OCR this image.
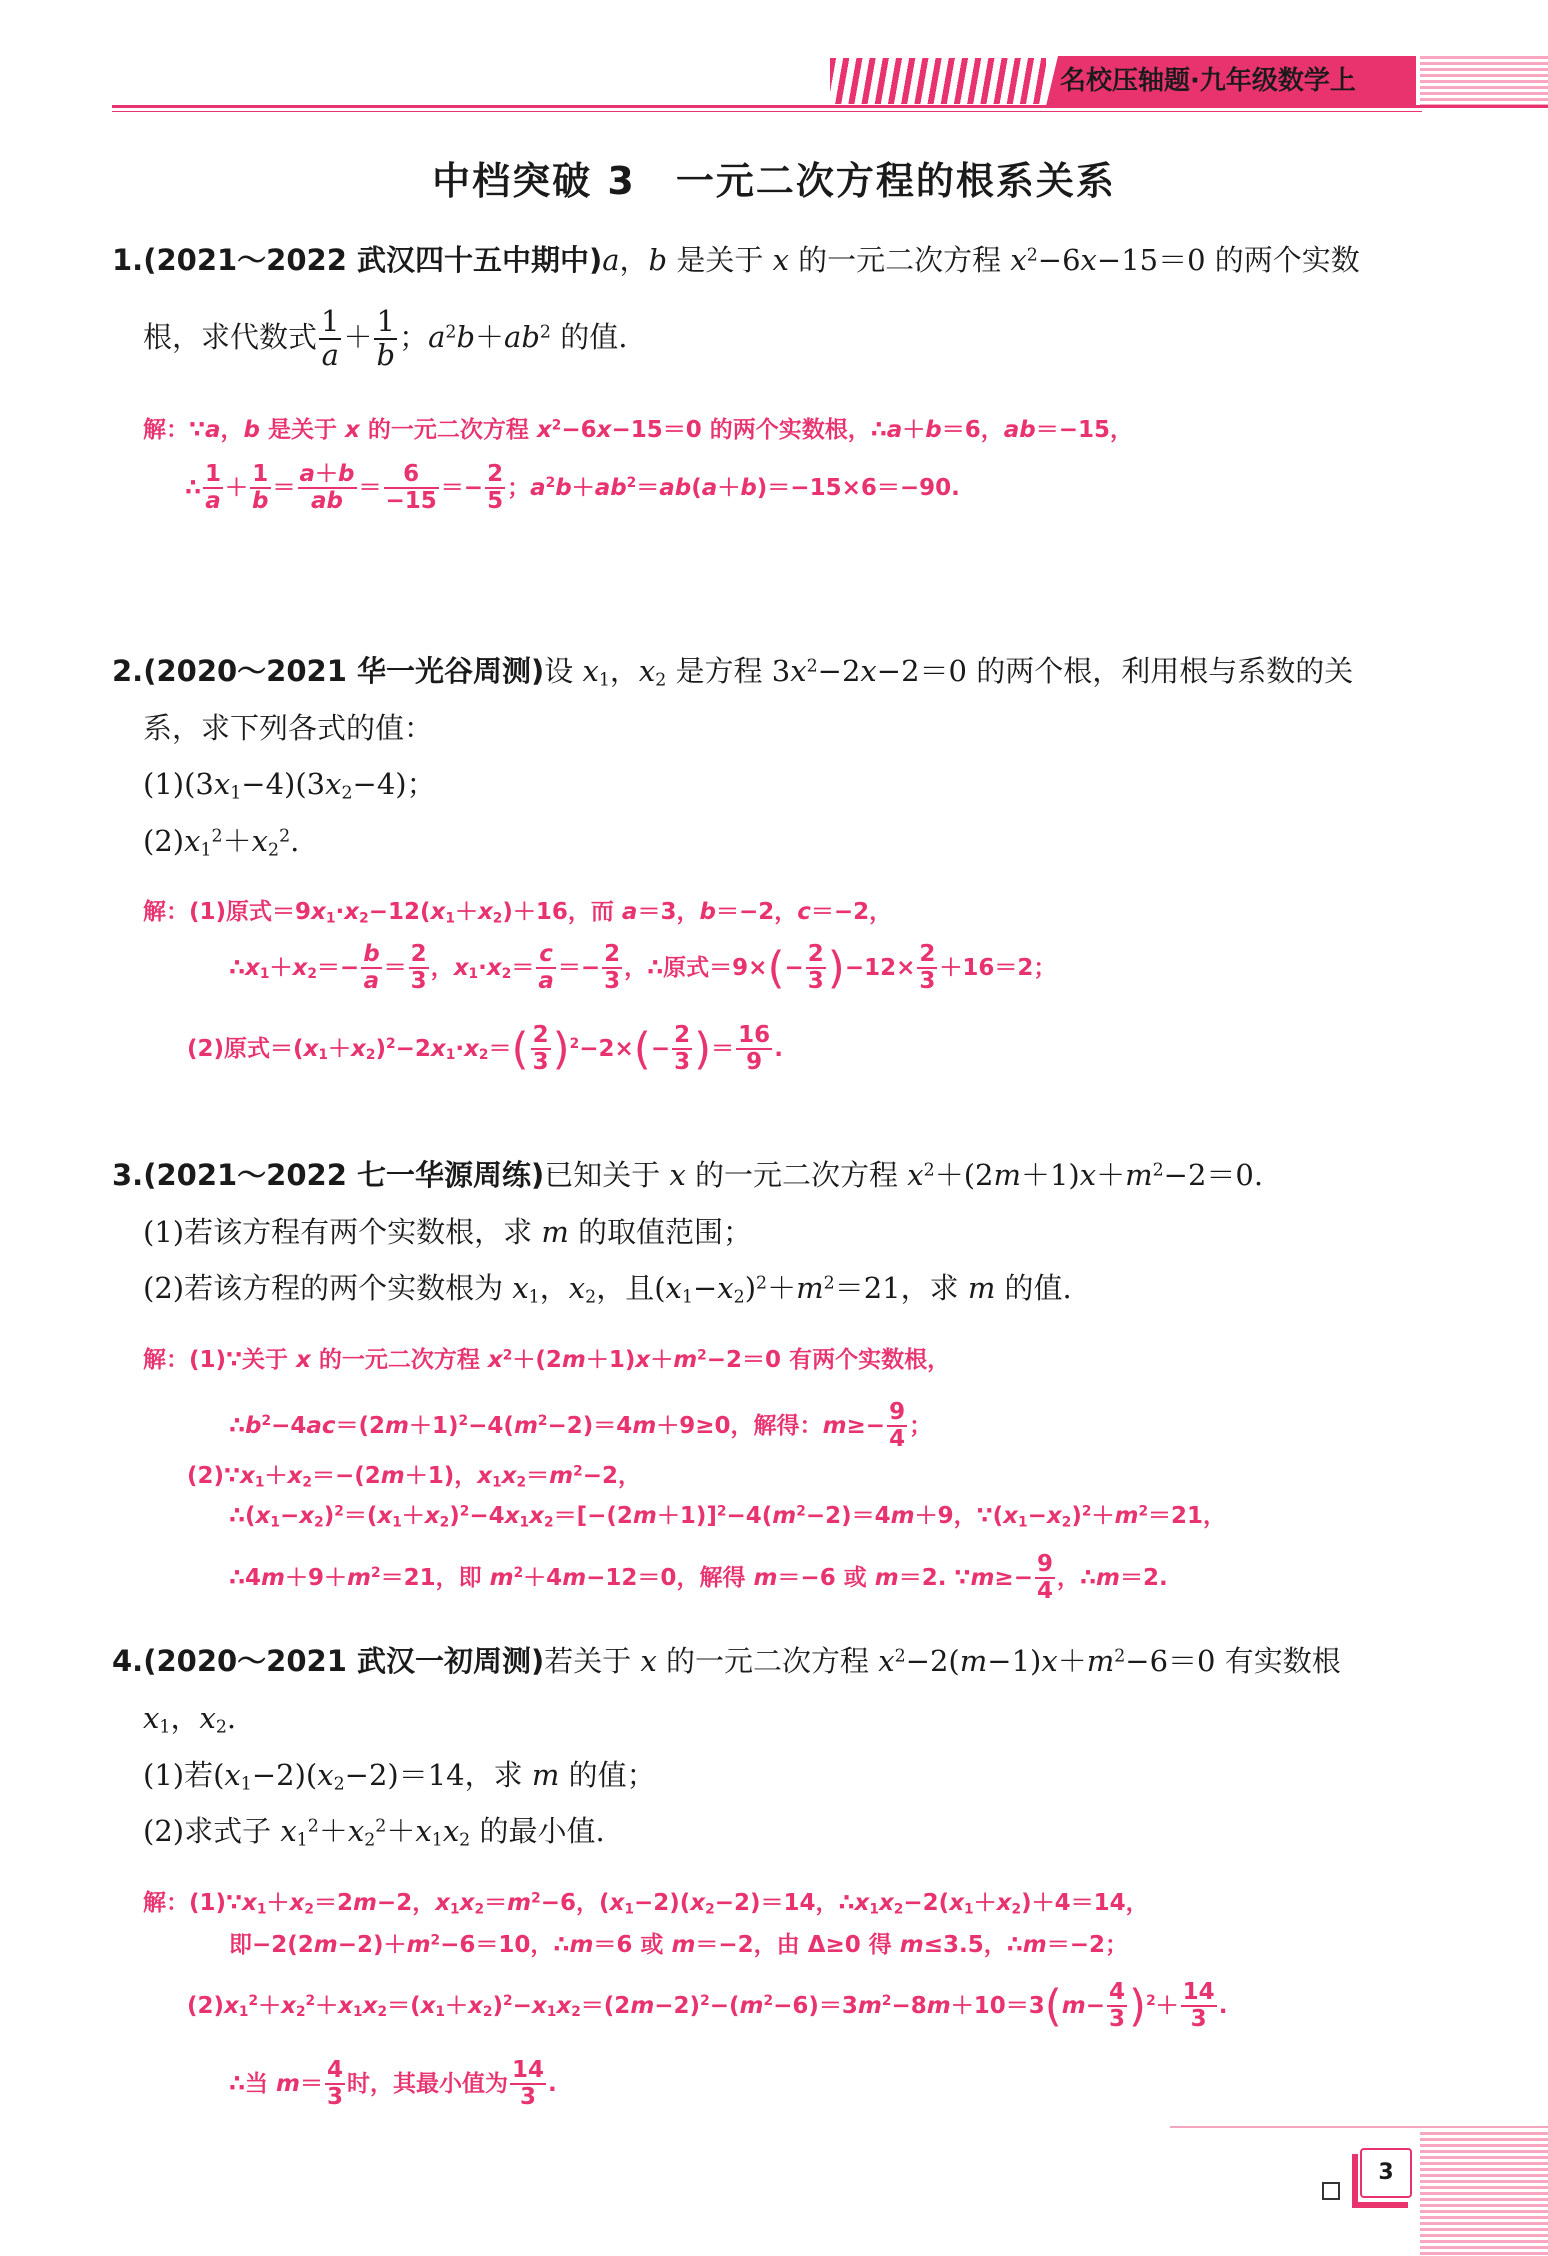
名校压轴题·九年级数学上
中档突破 3　一元二次方程的根系关系
1.(2021～2022 武汉四十五中期中)a，b 是关于 x 的一元二次方程 $x^2-6x-15=0$ 的两个实数
根，求代数式 $\frac{1}{a} + \frac{1}{b}$ ；$a^2b+ab^2$ 的值.
解：∵a，b 是关于 x 的一元二次方程 $x^2-6x-15=0$ 的两个实数根，∴a＋b＝6，ab＝−15，
∴ $\frac{1}{a} + \frac{1}{b} = \frac{a+b}{ab} = \frac{6}{-15} =- \frac{2}{5}$ ；$a^2b+ab^2=ab(a+b)=-15\times 6=-90$.
2.(2020～2021 华一光谷周测)设 $x_1$，$x_2$ 是方程 $3x^2-2x-2=0$ 的两个根，利用根与系数的关
系，求下列各式的值：
$(1)(3x_1-4)(3x_2-4)$；
$(2)x_1^2+x_2^2$.
解：(1)原式$=9x_1\cdot x_2-12(x_1+x_2)+16$，而 a＝3，b＝−2，c＝−2，
$\therefore x_1+x_2=- \frac{b}{a} = \frac{2}{3}$ ，$x_1\cdot x_2= \frac{c}{a} =- \frac{2}{3}$ ，∴原式$=9\times(- \frac{2}{3} )-12\times \frac{2}{3} +16=2$；
(2)原式$=(x_1+x_2)^2-2x_1\cdot x_2=( \frac{2}{3} )^2-2\times(- \frac{2}{3}$ )＝ $\frac{16}{9}$ .
3.(2021～2022 七一华源周练)已知关于 x 的一元二次方程 $x^2+(2m+1)x+m^2-2=0$.
(1)若该方程有两个实数根，求 m 的取值范围；
(2)若该方程的两个实数根为 $x_1$，$x_2$，且$(x_1-x_2)^2+m^2=21$，求 m 的值.
解：(1)∵关于 x 的一元二次方程 $x^2+(2m+1)x+m^2-2=0$ 有两个实数根，
$\therefore b^2-4ac=(2m+1)^2-4(m^2-2)=4m+9\ge 0$，解得：$m\ge- \frac{9}{4}$ ；
$(2)\because x_1+x_2=-(2m+1)$，$x_1x_2=m^2-2$，
$\therefore(x_1-x_2)^2=(x_1+x_2)^2-4x_1x_2=[-(2m+1)]^2-4(m^2-2)=4m+9$，$\because(x_1-x_2)^2+m^2=21$，
$\therefore 4m+9+m^2=21$，即 $m^2+4m-12=0$，解得 m＝−6 或 m＝2. ∵m≥− $\frac{9}{4}$ ，∴m＝2.
4.(2020～2021 武汉一初周测)若关于 x 的一元二次方程 $x^2-2(m-1)x+m^2-6=0$ 有实数根
$x_1$，$x_2$.
(1)若$(x_1-2)(x_2-2)=14$，求 m 的值；
(2)求式子 $x_1^2+x_2^2+x_1x_2$ 的最小值.
解：$(1)\because x_1+x_2=2m-2$，$x_1x_2=m^2-6$，$(x_1-2)(x_2-2)=14$，$\therefore x_1x_2-2(x_1+x_2)+4=14$，
即$-2(2m-2)+m^2-6=10$，∴m＝6 或 m＝−2，由 Δ≥0 得 m≤3.5，∴m＝−2；
$(2)x_1^2+x_2^2+x_1x_2=(x_1+x_2)^2-x_1x_2=(2m-2)^2-(m^2-6)=3m^2-8m+10=3(m- \frac{4}{3} )^2+ \frac{14}{3}$ .
∴当 $m= \frac{4}{3}$ 时，其最小值为 $\frac{14}{3}$ .
3
